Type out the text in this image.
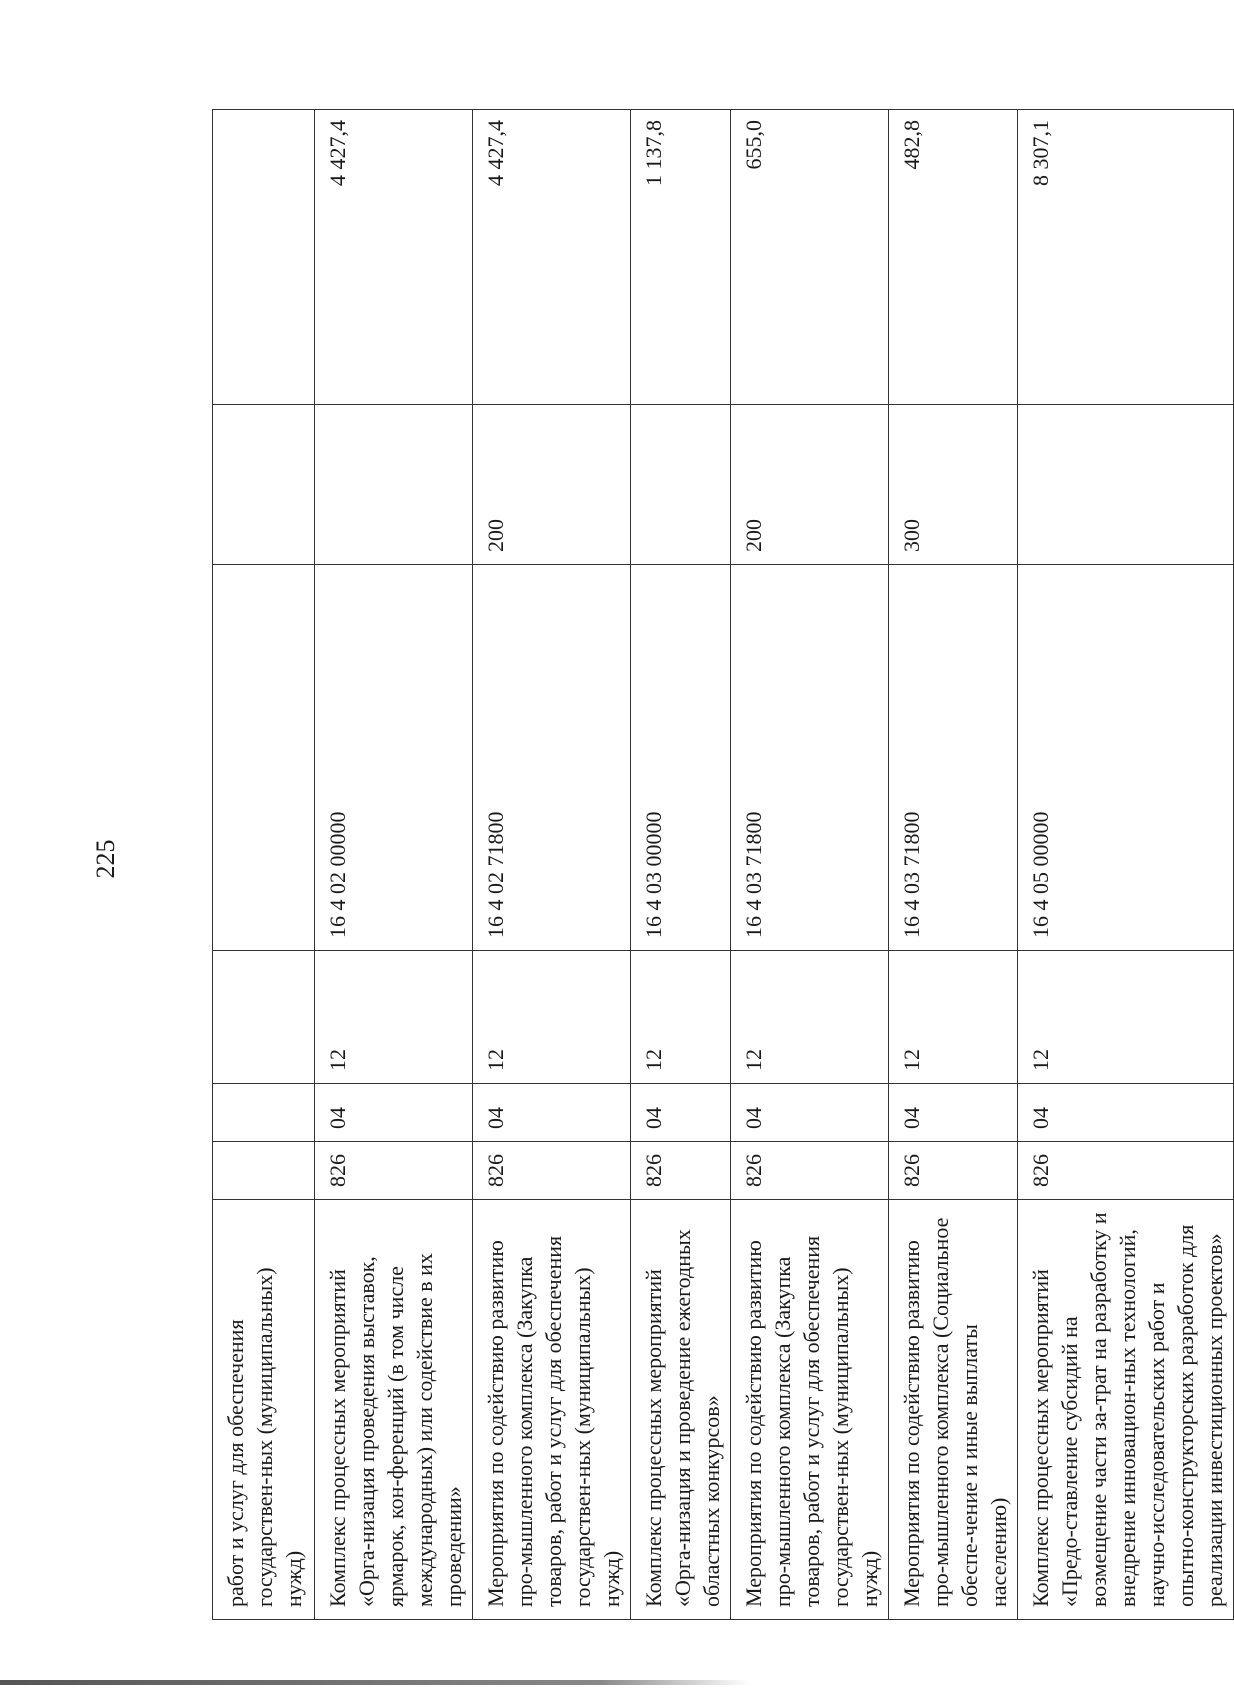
225
работ и услуг для обеспечения государствен-ных (муниципальных) нужд)						
Комплекс процессных мероприятий «Орга-низация проведения выставок, ярмарок, кон-ференций (в том числе международных) или содействие в их проведении»	826	04	12	16 4 02 00000		4 427,4
Мероприятия по содействию развитию про-мышленного комплекса (Закупка товаров, работ и услуг для обеспечения государствен-ных (муниципальных) нужд)	826	04	12	16 4 02 71800	200	4 427,4
Комплекс процессных мероприятий «Орга-низация и проведение ежегодных областных конкурсов»	826	04	12	16 4 03 00000		1 137,8
Мероприятия по содействию развитию про-мышленного комплекса (Закупка товаров, работ и услуг для обеспечения государствен-ных (муниципальных) нужд)	826	04	12	16 4 03 71800	200	655,0
Мероприятия по содействию развитию про-мышленного комплекса (Социальное обеспе-чение и иные выплаты населению)	826	04	12	16 4 03 71800	300	482,8
Комплекс процессных мероприятий «Предо-ставление субсидий на возмещение части за-трат на разработку и внедрение инновацион-ных технологий, научно-исследовательских работ и опытно-конструкторских разработок для реализации инвестиционных проектов»	826	04	12	16 4 05 00000		8 307,1
